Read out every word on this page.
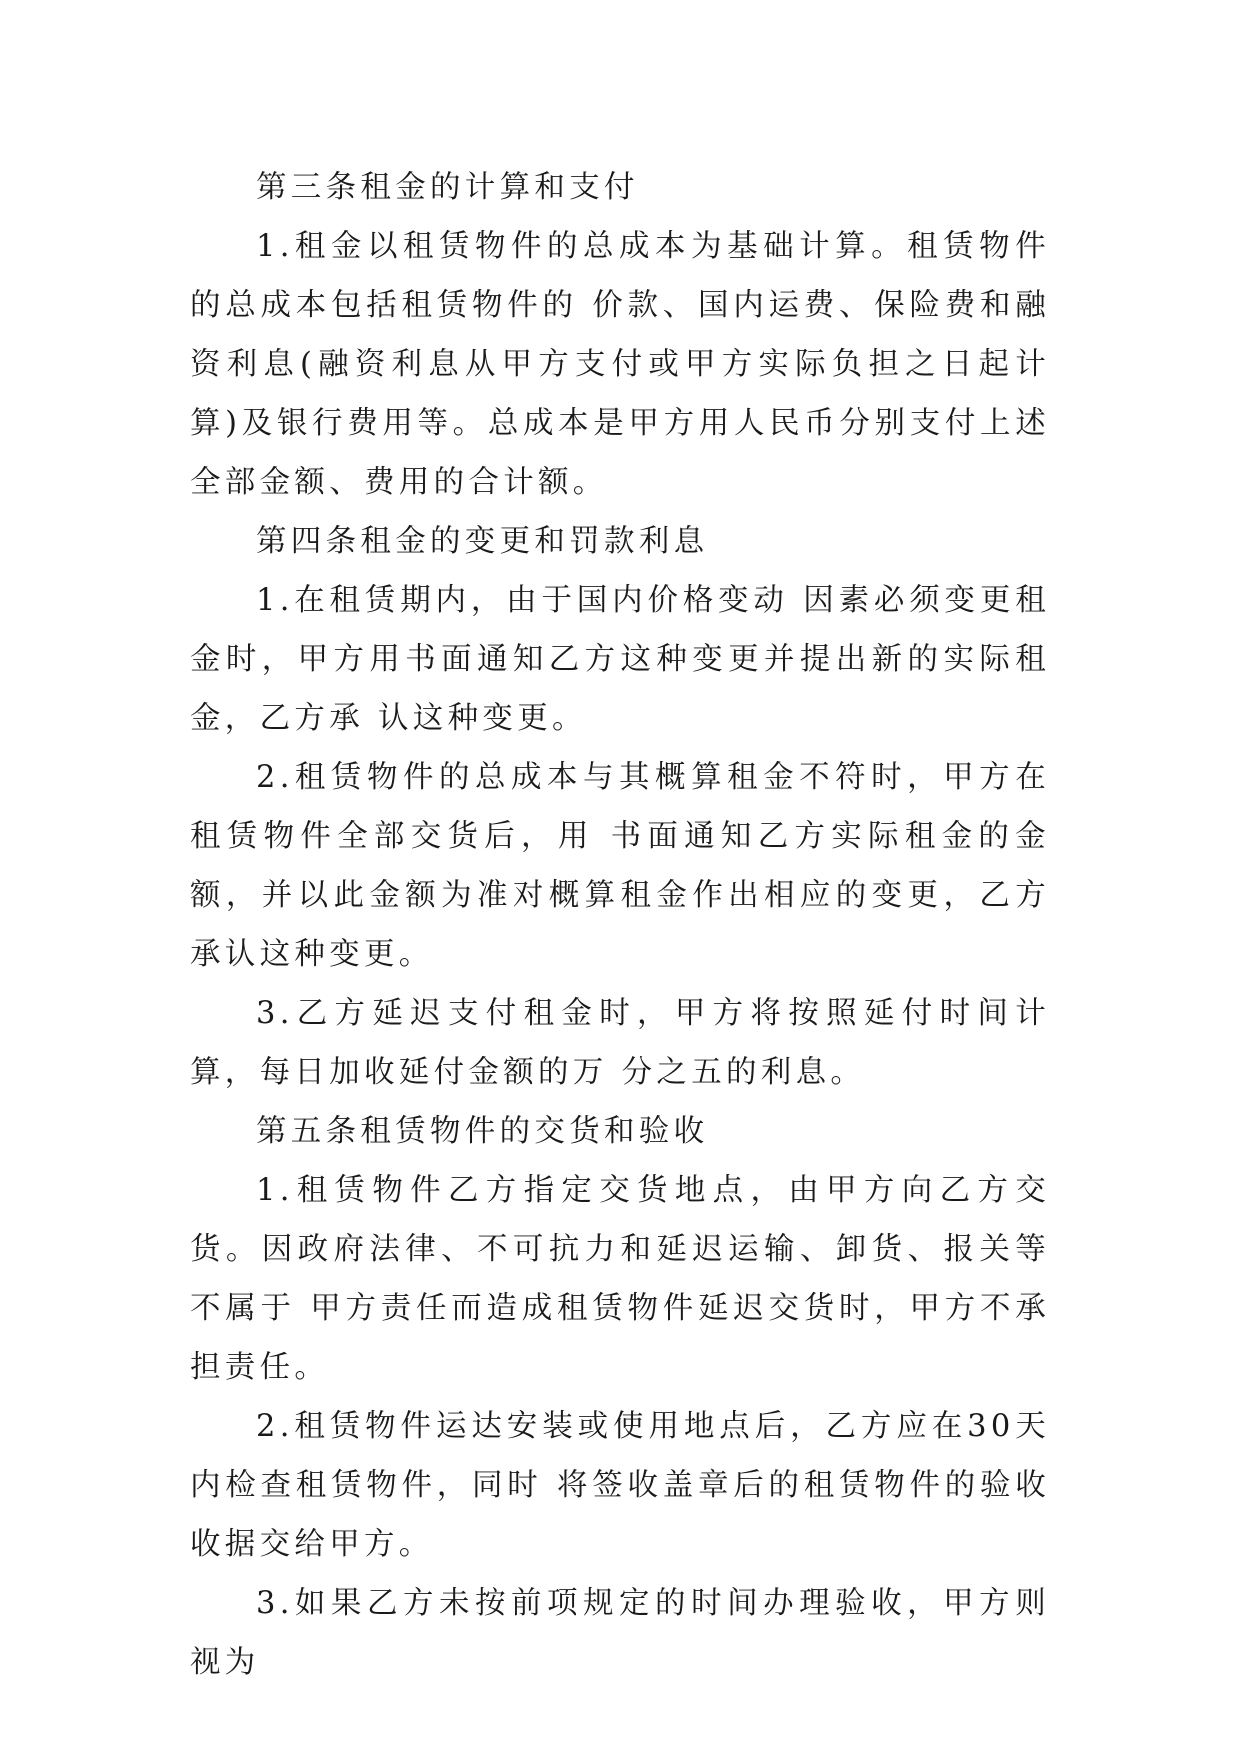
第三条租金的计算和支付

1.租金以租赁物件的总成本为基础计算。租赁物件的总成本包括租赁物件的 价款、国内运费、保险费和融资利息(融资利息从甲方支付或甲方实际负担之日起计 算)及银行费用等。总成本是甲方用人民币分别支付上述全部金额、费用的合计额。

第四条租金的变更和罚款利息

1.在租赁期内，由于国内价格变动 因素必须变更租金时，甲方用书面通知乙方这种变更并提出新的实际租金，乙方承 认这种变更。

2.租赁物件的总成本与其概算租金不符时，甲方在租赁物件全部交货后，用 书面通知乙方实际租金的金额，并以此金额为准对概算租金作出相应的变更，乙方 承认这种变更。

3.乙方延迟支付租金时，甲方将按照延付时间计算，每日加收延付金额的万 分之五的利息。

第五条租赁物件的交货和验收

1.租赁物件乙方指定交货地点，由甲方向乙方交货。因政府法律、不可抗力和延迟运输、卸货、报关等不属于 甲方责任而造成租赁物件延迟交货时，甲方不承担责任。

2.租赁物件运达安装或使用地点后，乙方应在30天内检查租赁物件，同时 将签收盖章后的租赁物件的验收收据交给甲方。

3.如果乙方未按前项规定的时间办理验收，甲方则视为
